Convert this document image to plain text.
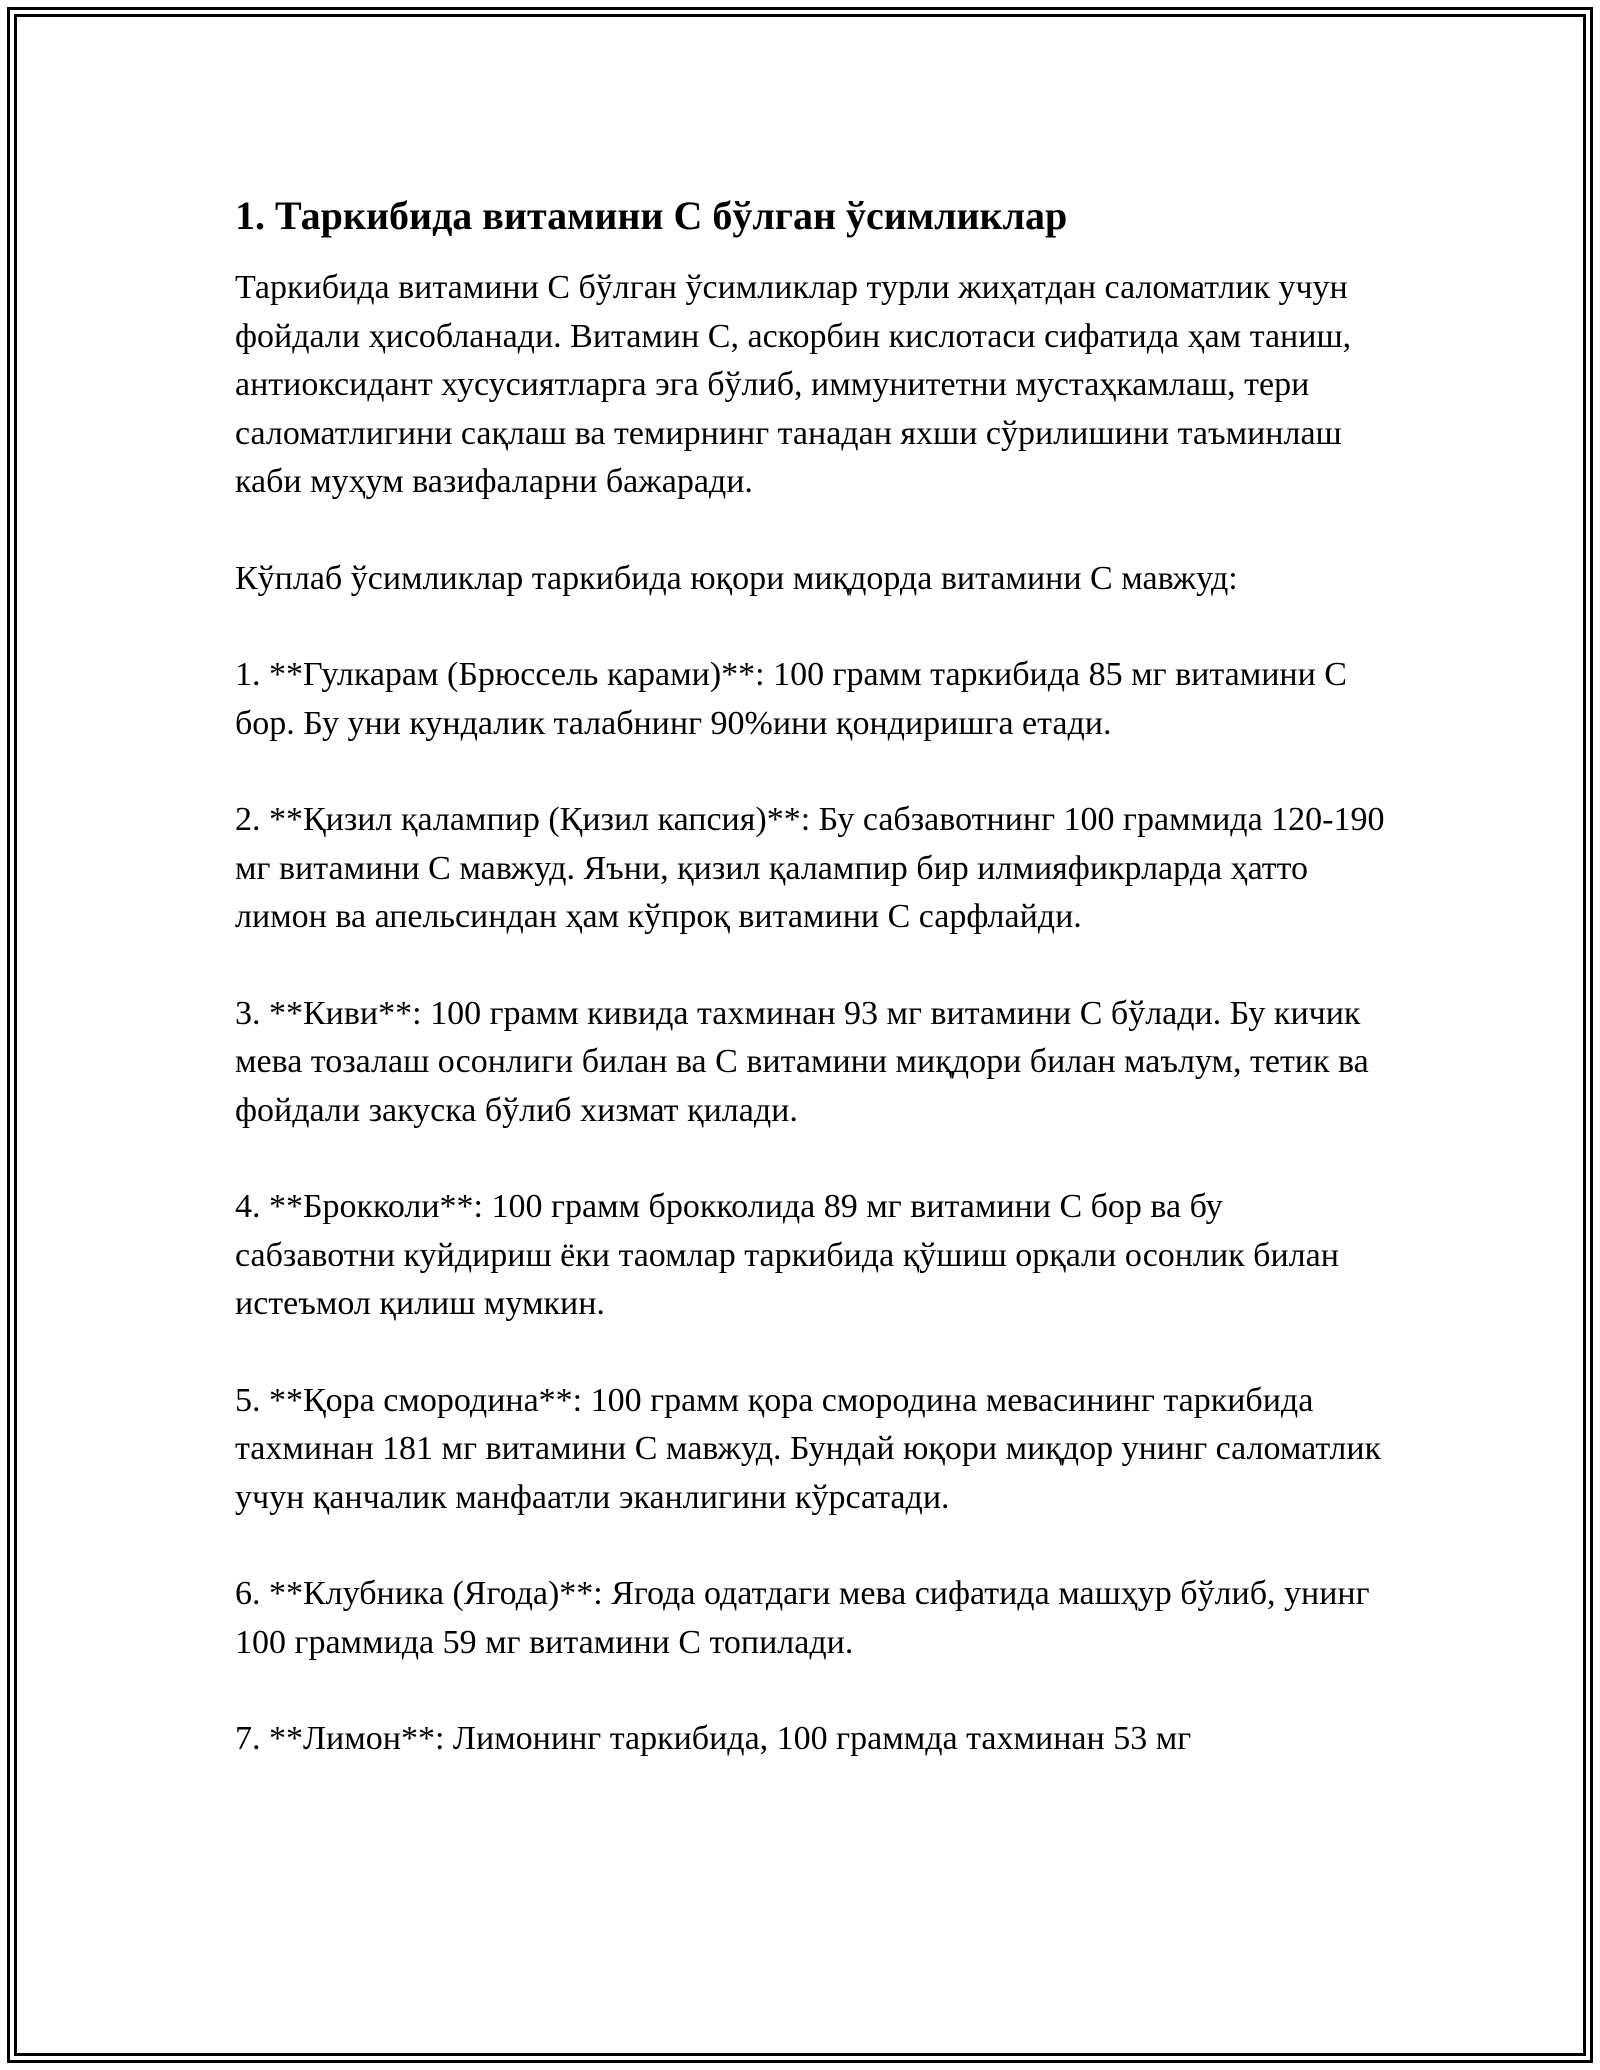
1. Таркибида витамини С бўлган ўсимликлар

Таркибида витамини С бўлган ўсимликлар турли жиҳатдан саломатлик учун фойдали ҳисобланади. Витамин С, аскорбин кислотаси сифатида ҳам таниш, антиоксидант хусусиятларга эга бўлиб, иммунитетни мустаҳкамлаш, тери саломатлигини сақлаш ва темирнинг танадан яхши сўрилишини таъминлаш каби муҳум вазифаларни бажаради.

Кўплаб ўсимликлар таркибида юқори миқдорда витамини С мавжуд:

1. **Гулкарам (Брюссель карами)**: 100 грамм таркибида 85 мг витамини С бор. Бу уни кундалик талабнинг 90%ини қондиришга етади.

2. **Қизил қалампир (Қизил капсия)**: Бу сабзавотнинг 100 граммида 120-190 мг витамини С мавжуд. Яъни, қизил қалампир бир илмияфикрларда ҳатто лимон ва апельсиндан ҳам кўпроқ витамини С сарфлайди.

3. **Киви**: 100 грамм кивида тахминан 93 мг витамини С бўлади. Бу кичик мева тозалаш осонлиги билан ва С витамини миқдори билан маълум, тетик ва фойдали закуска бўлиб хизмат қилади.

4. **Брокколи**: 100 грамм брокколида 89 мг витамини С бор ва бу сабзавотни куйдириш ёки таомлар таркибида қўшиш орқали осонлик билан истеъмол қилиш мумкин.

5. **Қора смородина**: 100 грамм қора смородина мевасининг таркибида тахминан 181 мг витамини С мавжуд. Бундай юқори миқдор унинг саломатлик учун қанчалик манфаатли эканлигини кўрсатади.

6. **Клубника (Ягода)**: Ягода одатдаги мева сифатида машҳур бўлиб, унинг 100 граммида 59 мг витамини С топилади.

7. **Лимон**: Лимонинг таркибида, 100 граммда тахминан 53 мг
